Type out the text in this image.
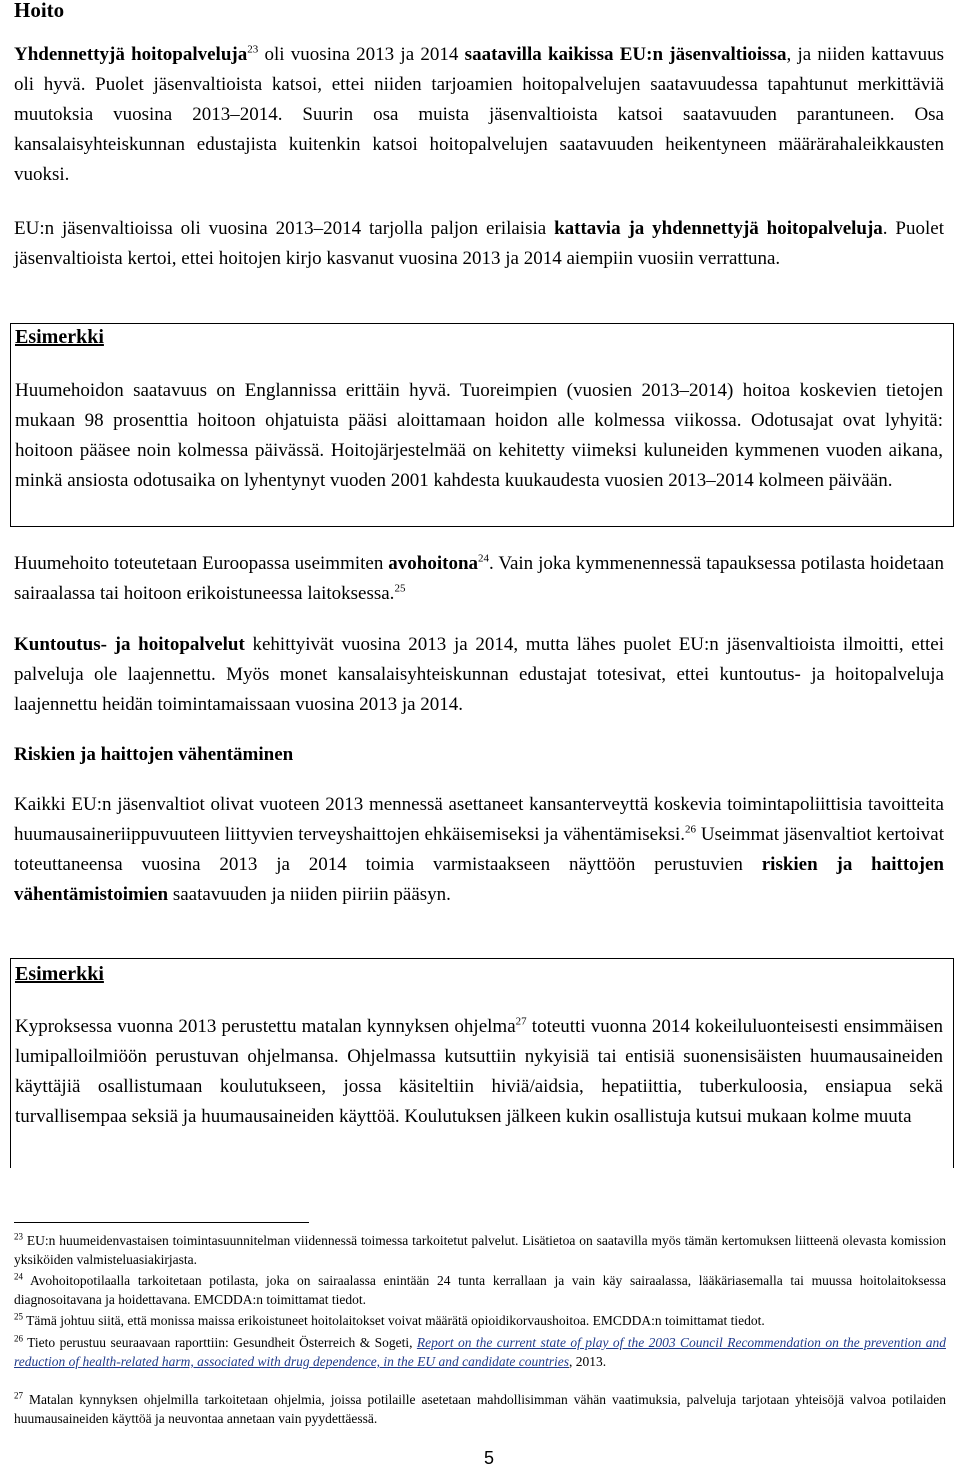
Hoito
Yhdennettyjä hoitopalveluja$^{23}$ oli vuosina 2013 ja 2014 saatavilla kaikissa EU:n jäsenvaltioissa, ja niiden kattavuus oli hyvä. Puolet jäsenvaltioista katsoi, ettei niiden tarjoamien hoitopalvelujen saatavuudessa tapahtunut merkittäviä muutoksia vuosina 2013–2014. Suurin osa muista jäsenvaltioista katsoi saatavuuden parantuneen. Osa kansalaisyhteiskunnan edustajista kuitenkin katsoi hoitopalvelujen saatavuuden heikentyneen määrärahaleikkausten vuoksi.
EU:n jäsenvaltioissa oli vuosina 2013–2014 tarjolla paljon erilaisia kattavia ja yhdennettyjä hoitopalveluja. Puolet jäsenvaltioista kertoi, ettei hoitojen kirjo kasvanut vuosina 2013 ja 2014 aiempiin vuosiin verrattuna.
Esimerkki
Huumehoidon saatavuus on Englannissa erittäin hyvä. Tuoreimpien (vuosien 2013–2014) hoitoa koskevien tietojen mukaan 98 prosenttia hoitoon ohjatuista pääsi aloittamaan hoidon alle kolmessa viikossa. Odotusajat ovat lyhyitä: hoitoon pääsee noin kolmessa päivässä. Hoitojärjestelmää on kehitetty viimeksi kuluneiden kymmenen vuoden aikana, minkä ansiosta odotusaika on lyhentynyt vuoden 2001 kahdesta kuukaudesta vuosien 2013–2014 kolmeen päivään.
Huumehoito toteutetaan Euroopassa useimmiten avohoitona$^{24}$. Vain joka kymmenennessä tapauksessa potilasta hoidetaan sairaalassa tai hoitoon erikoistuneessa laitoksessa.$^{25}$
Kuntoutus- ja hoitopalvelut kehittyivät vuosina 2013 ja 2014, mutta lähes puolet EU:n jäsenvaltioista ilmoitti, ettei palveluja ole laajennettu. Myös monet kansalaisyhteiskunnan edustajat totesivat, ettei kuntoutus- ja hoitopalveluja laajennettu heidän toimintamaissaan vuosina 2013 ja 2014.
Riskien ja haittojen vähentäminen
Kaikki EU:n jäsenvaltiot olivat vuoteen 2013 mennessä asettaneet kansanterveyttä koskevia toimintapoliittisia tavoitteita huumausaineriippuvuuteen liittyvien terveyshaittojen ehkäisemiseksi ja vähentämiseksi.$^{26}$ Useimmat jäsenvaltiot kertoivat toteuttaneensa vuosina 2013 ja 2014 toimia varmistaakseen näyttöön perustuvien riskien ja haittojen vähentämistoimien saatavuuden ja niiden piiriin pääsyn.
Esimerkki
Kyproksessa vuonna 2013 perustettu matalan kynnyksen ohjelma$^{27}$ toteutti vuonna 2014 kokeiluluonteisesti ensimmäisen lumipalloilmiöön perustuvan ohjelmansa. Ohjelmassa kutsuttiin nykyisiä tai entisiä suonensisäisten huumausaineiden käyttäjiä osallistumaan koulutukseen, jossa käsiteltiin hiviä/aidsia, hepatiittia, tuberkuloosia, ensiapua sekä turvallisempaa seksiä ja huumausaineiden käyttöä. Koulutuksen jälkeen kukin osallistuja kutsui mukaan kolme muuta
$^{23}$ EU:n huumeidenvastaisen toimintasuunnitelman viidennessä toimessa tarkoitetut palvelut. Lisätietoa on saatavilla myös tämän kertomuksen liitteenä olevasta komission yksiköiden valmisteluasiakirjasta.
$^{24}$ Avohoitopotilaalla tarkoitetaan potilasta, joka on sairaalassa enintään 24 tunta kerrallaan ja vain käy sairaalassa, lääkäriasemalla tai muussa hoitolaitoksessa diagnosoitavana ja hoidettavana. EMCDDA:n toimittamat tiedot.
$^{25}$ Tämä johtuu siitä, että monissa maissa erikoistuneet hoitolaitokset voivat määrätä opioidikorvaushoitoa. EMCDDA:n toimittamat tiedot.
$^{26}$ Tieto perustuu seuraavaan raporttiin: Gesundheit Österreich & Sogeti, Report on the current state of play of the 2003 Council Recommendation on the prevention and reduction of health-related harm, associated with drug dependence, in the EU and candidate countries, 2013.
$^{27}$ Matalan kynnyksen ohjelmilla tarkoitetaan ohjelmia, joissa potilaille asetetaan mahdollisimman vähän vaatimuksia, palveluja tarjotaan yhteisöjä valvoa potilaiden huumausaineiden käyttöä ja neuvontaa annetaan vain pyydettäessä.
5
